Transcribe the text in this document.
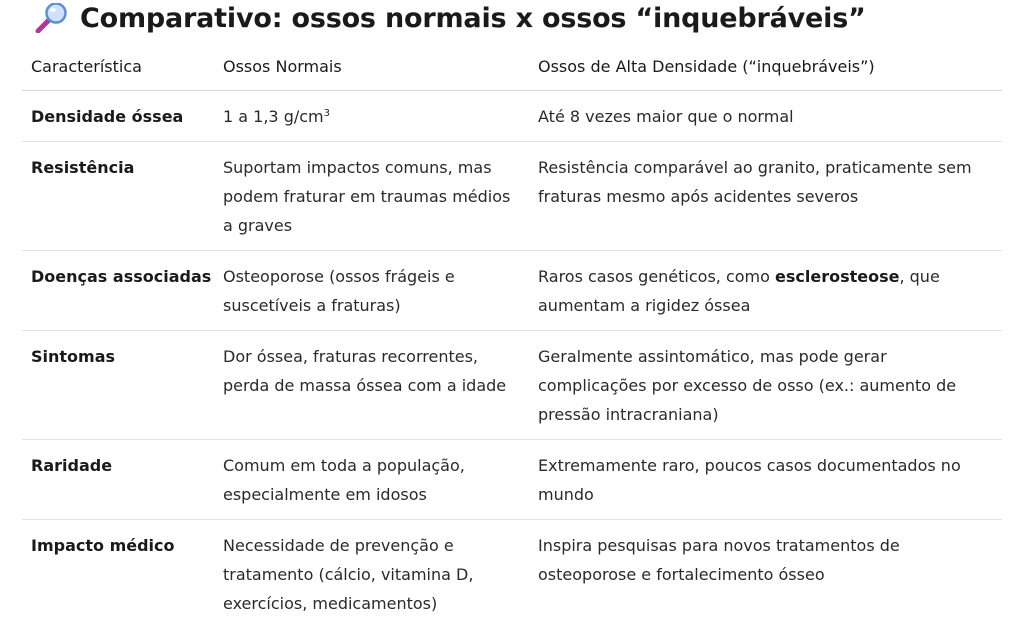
Comparativo: ossos normais x ossos “inquebráveis”
Característica	Ossos Normais	Ossos de Alta Densidade (“inquebráveis”)
Densidade óssea	1 a 1,3 $g/cm^3$	Até 8 vezes maior que o normal
Resistência	Suportam impactos comuns, mas podem fraturar em traumas médios a graves	Resistência comparável ao granito, praticamente sem fraturas mesmo após acidentes severos
Doenças associadas	Osteoporose (ossos frágeis e suscetíveis a fraturas)	Raros casos genéticos, como esclerosteose, que aumentam a rigidez óssea
Sintomas	Dor óssea, fraturas recorrentes, perda de massa óssea com a idade	Geralmente assintomático, mas pode gerar complicações por excesso de osso (ex.: aumento de pressão intracraniana)
Raridade	Comum em toda a população, especialmente em idosos	Extremamente raro, poucos casos documentados no mundo
Impacto médico	Necessidade de prevenção e tratamento (cálcio, vitamina D, exercícios, medicamentos)	Inspira pesquisas para novos tratamentos de osteoporose e fortalecimento ósseo
